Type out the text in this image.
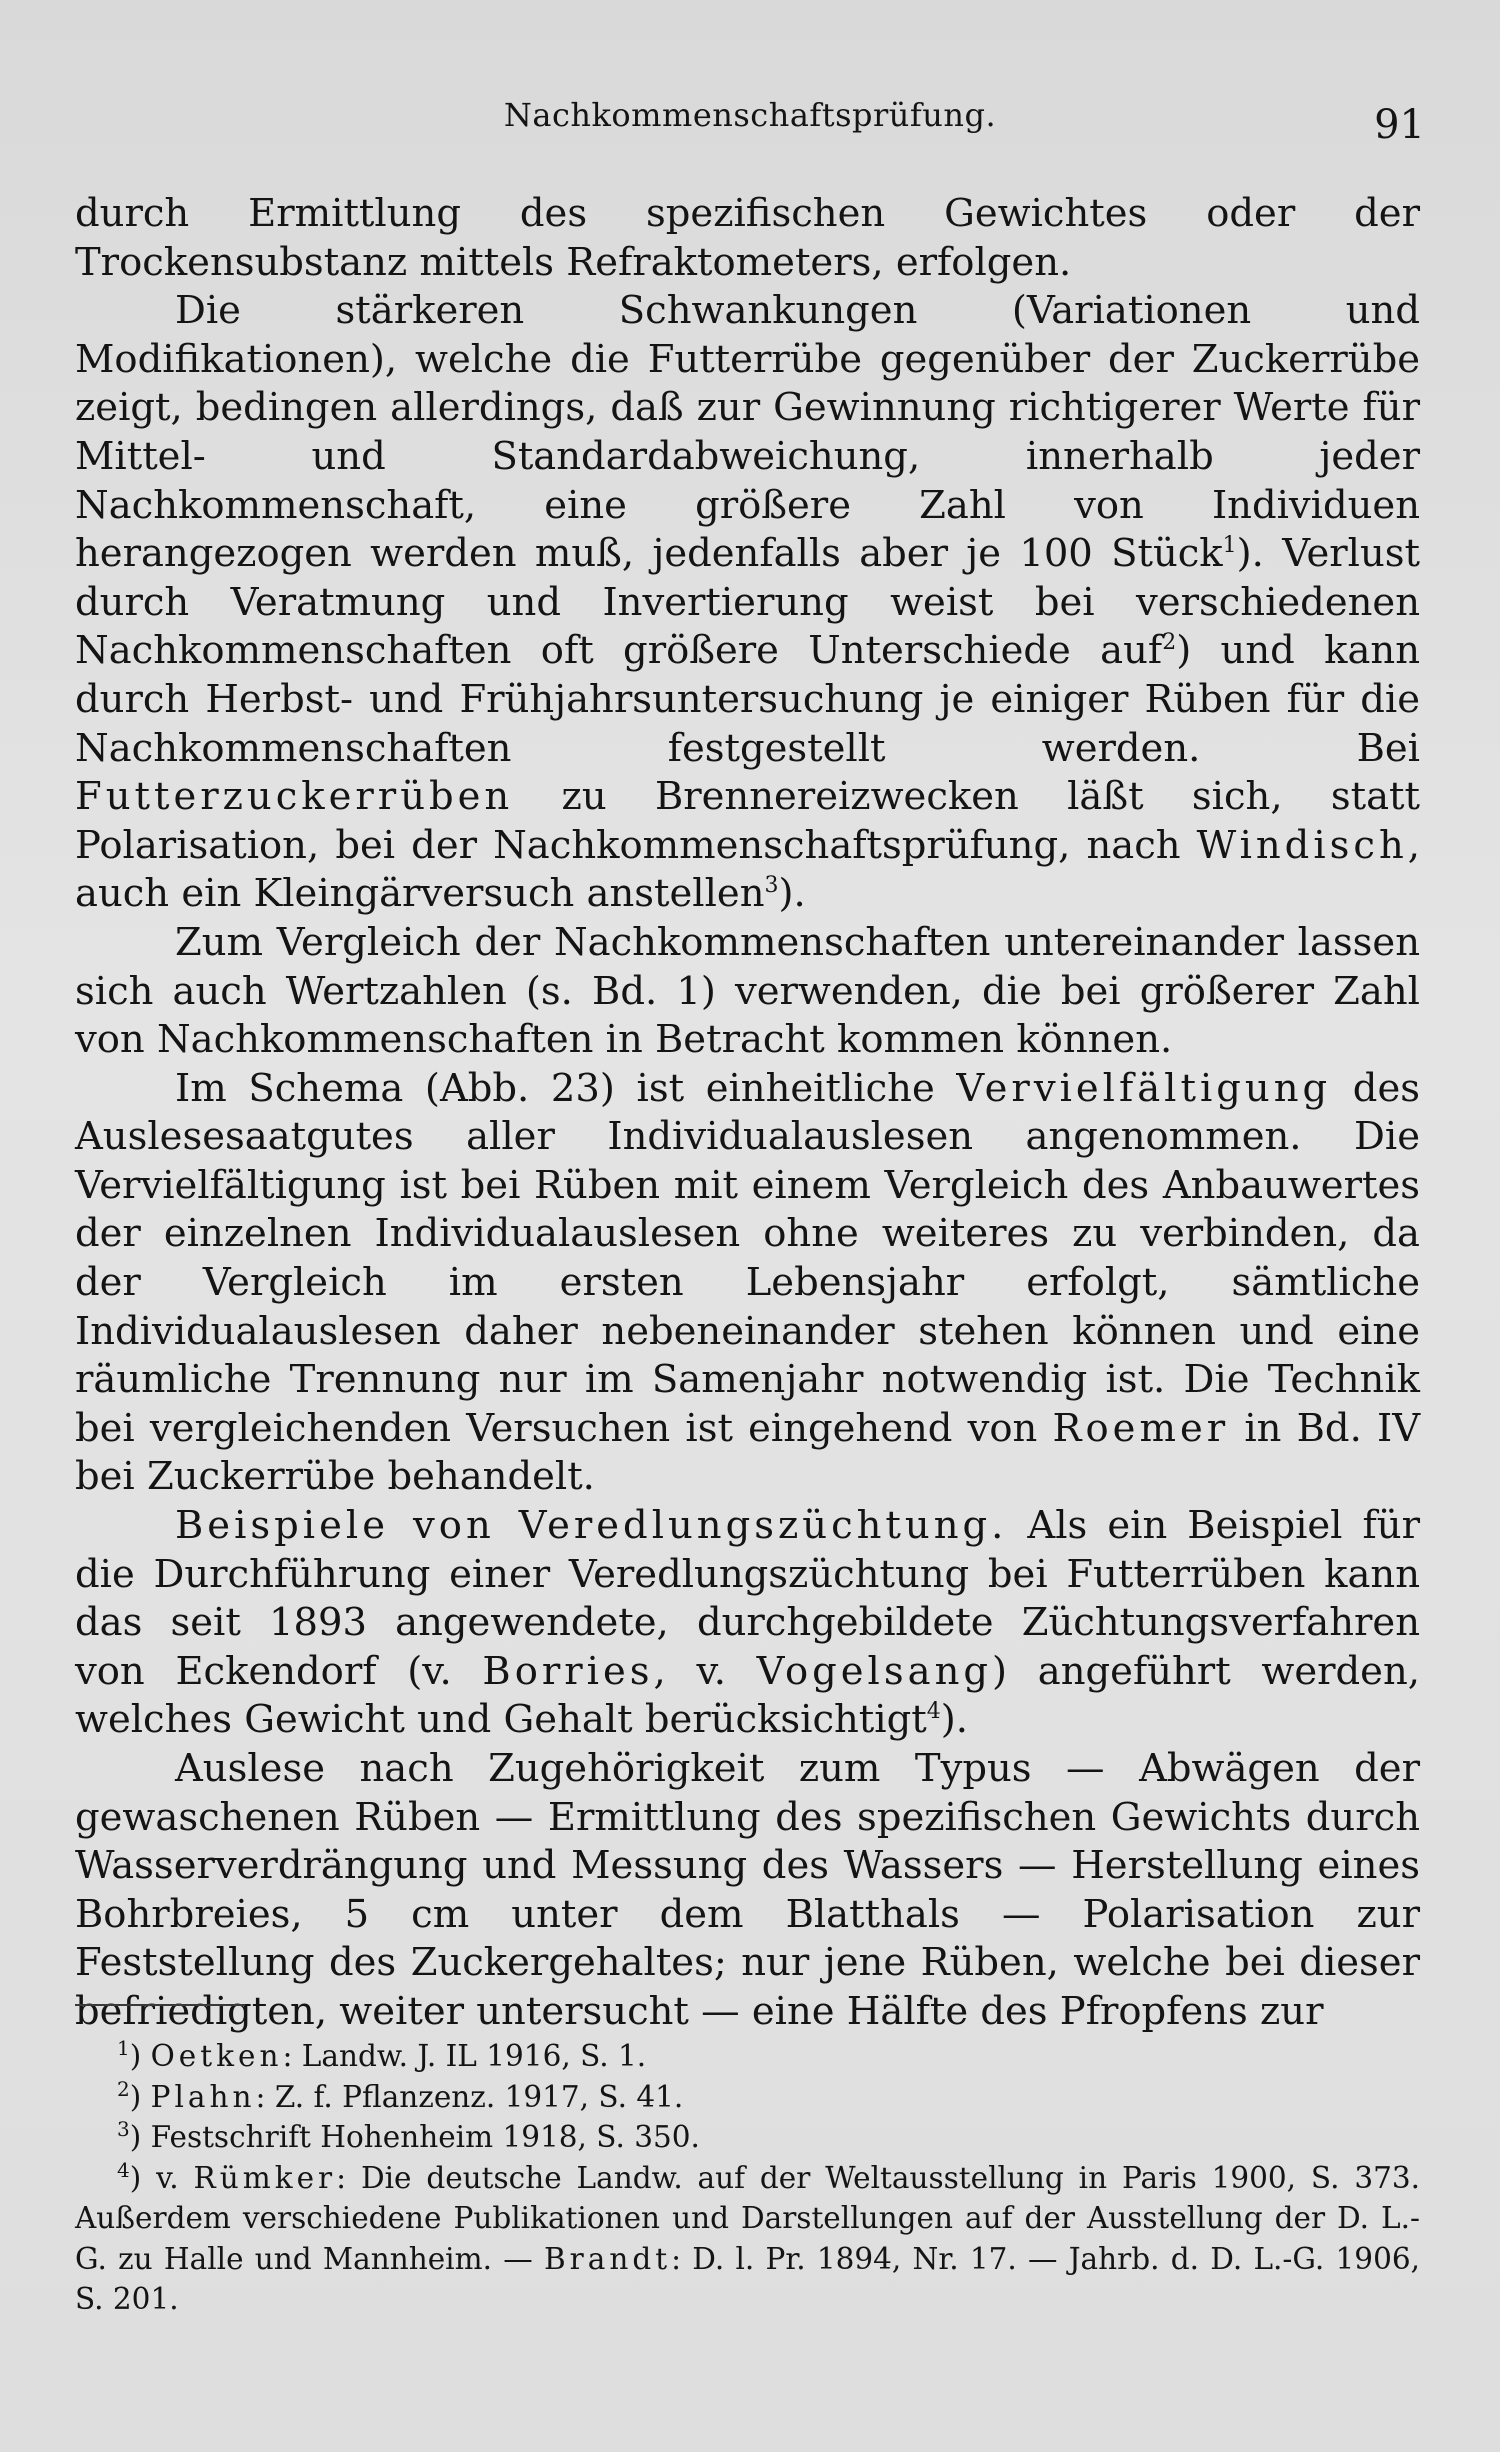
Nachkommenschaftsprüfung.	91

durch Ermittlung des spezifischen Gewichtes oder der Trockensubstanz mittels Refraktometers, erfolgen.

Die stärkeren Schwankungen (Variationen und Modifikationen), welche die Futterrübe gegenüber der Zuckerrübe zeigt, bedingen allerdings, daß zur Gewinnung richtigerer Werte für Mittel- und Standardabweichung, innerhalb jeder Nachkommenschaft, eine größere Zahl von Individuen herangezogen werden muß, jedenfalls aber je 100 Stück$^1$). Verlust durch Veratmung und Invertierung weist bei verschiedenen Nachkommenschaften oft größere Unterschiede auf$^2$) und kann durch Herbst- und Frühjahrsuntersuchung je einiger Rüben für die Nachkommenschaften festgestellt werden. Bei Futterzuckerrüben zu Brennereizwecken läßt sich, statt Polarisation, bei der Nachkommenschaftsprüfung, nach Windisch, auch ein Kleingärversuch anstellen$^3$).

Zum Vergleich der Nachkommenschaften untereinander lassen sich auch Wertzahlen (s. Bd. 1) verwenden, die bei größerer Zahl von Nachkommenschaften in Betracht kommen können.

Im Schema (Abb. 23) ist einheitliche Vervielfältigung des Auslesesaatgutes aller Individualauslesen angenommen. Die Vervielfältigung ist bei Rüben mit einem Vergleich des Anbauwertes der einzelnen Individualauslesen ohne weiteres zu verbinden, da der Vergleich im ersten Lebensjahr erfolgt, sämtliche Individualauslesen daher nebeneinander stehen können und eine räumliche Trennung nur im Samenjahr notwendig ist. Die Technik bei vergleichenden Versuchen ist eingehend von Roemer in Bd. IV bei Zuckerrübe behandelt.

Beispiele von Veredlungszüchtung. Als ein Beispiel für die Durchführung einer Veredlungszüchtung bei Futterrüben kann das seit 1893 angewendete, durchgebildete Züchtungsverfahren von Eckendorf (v. Borries, v. Vogelsang) angeführt werden, welches Gewicht und Gehalt berücksichtigt$^4$).

Auslese nach Zugehörigkeit zum Typus — Abwägen der gewaschenen Rüben — Ermittlung des spezifischen Gewichts durch Wasserverdrängung und Messung des Wassers — Herstellung eines Bohrbreies, 5 cm unter dem Blatthals — Polarisation zur Feststellung des Zuckergehaltes; nur jene Rüben, welche bei dieser befriedigten, weiter untersucht — eine Hälfte des Pfropfens zur

$^1$) Oetken: Landw. J. IL 1916, S. 1.

$^2$) Plahn: Z. f. Pflanzenz. 1917, S. 41.

$^3$) Festschrift Hohenheim 1918, S. 350.

$^4$) v. Rümker: Die deutsche Landw. auf der Weltausstellung in Paris 1900, S. 373. Außerdem verschiedene Publikationen und Darstellungen auf der Ausstellung der D. L.-G. zu Halle und Mannheim. — Brandt: D. l. Pr. 1894, Nr. 17. — Jahrb. d. D. L.-G. 1906, S. 201.
